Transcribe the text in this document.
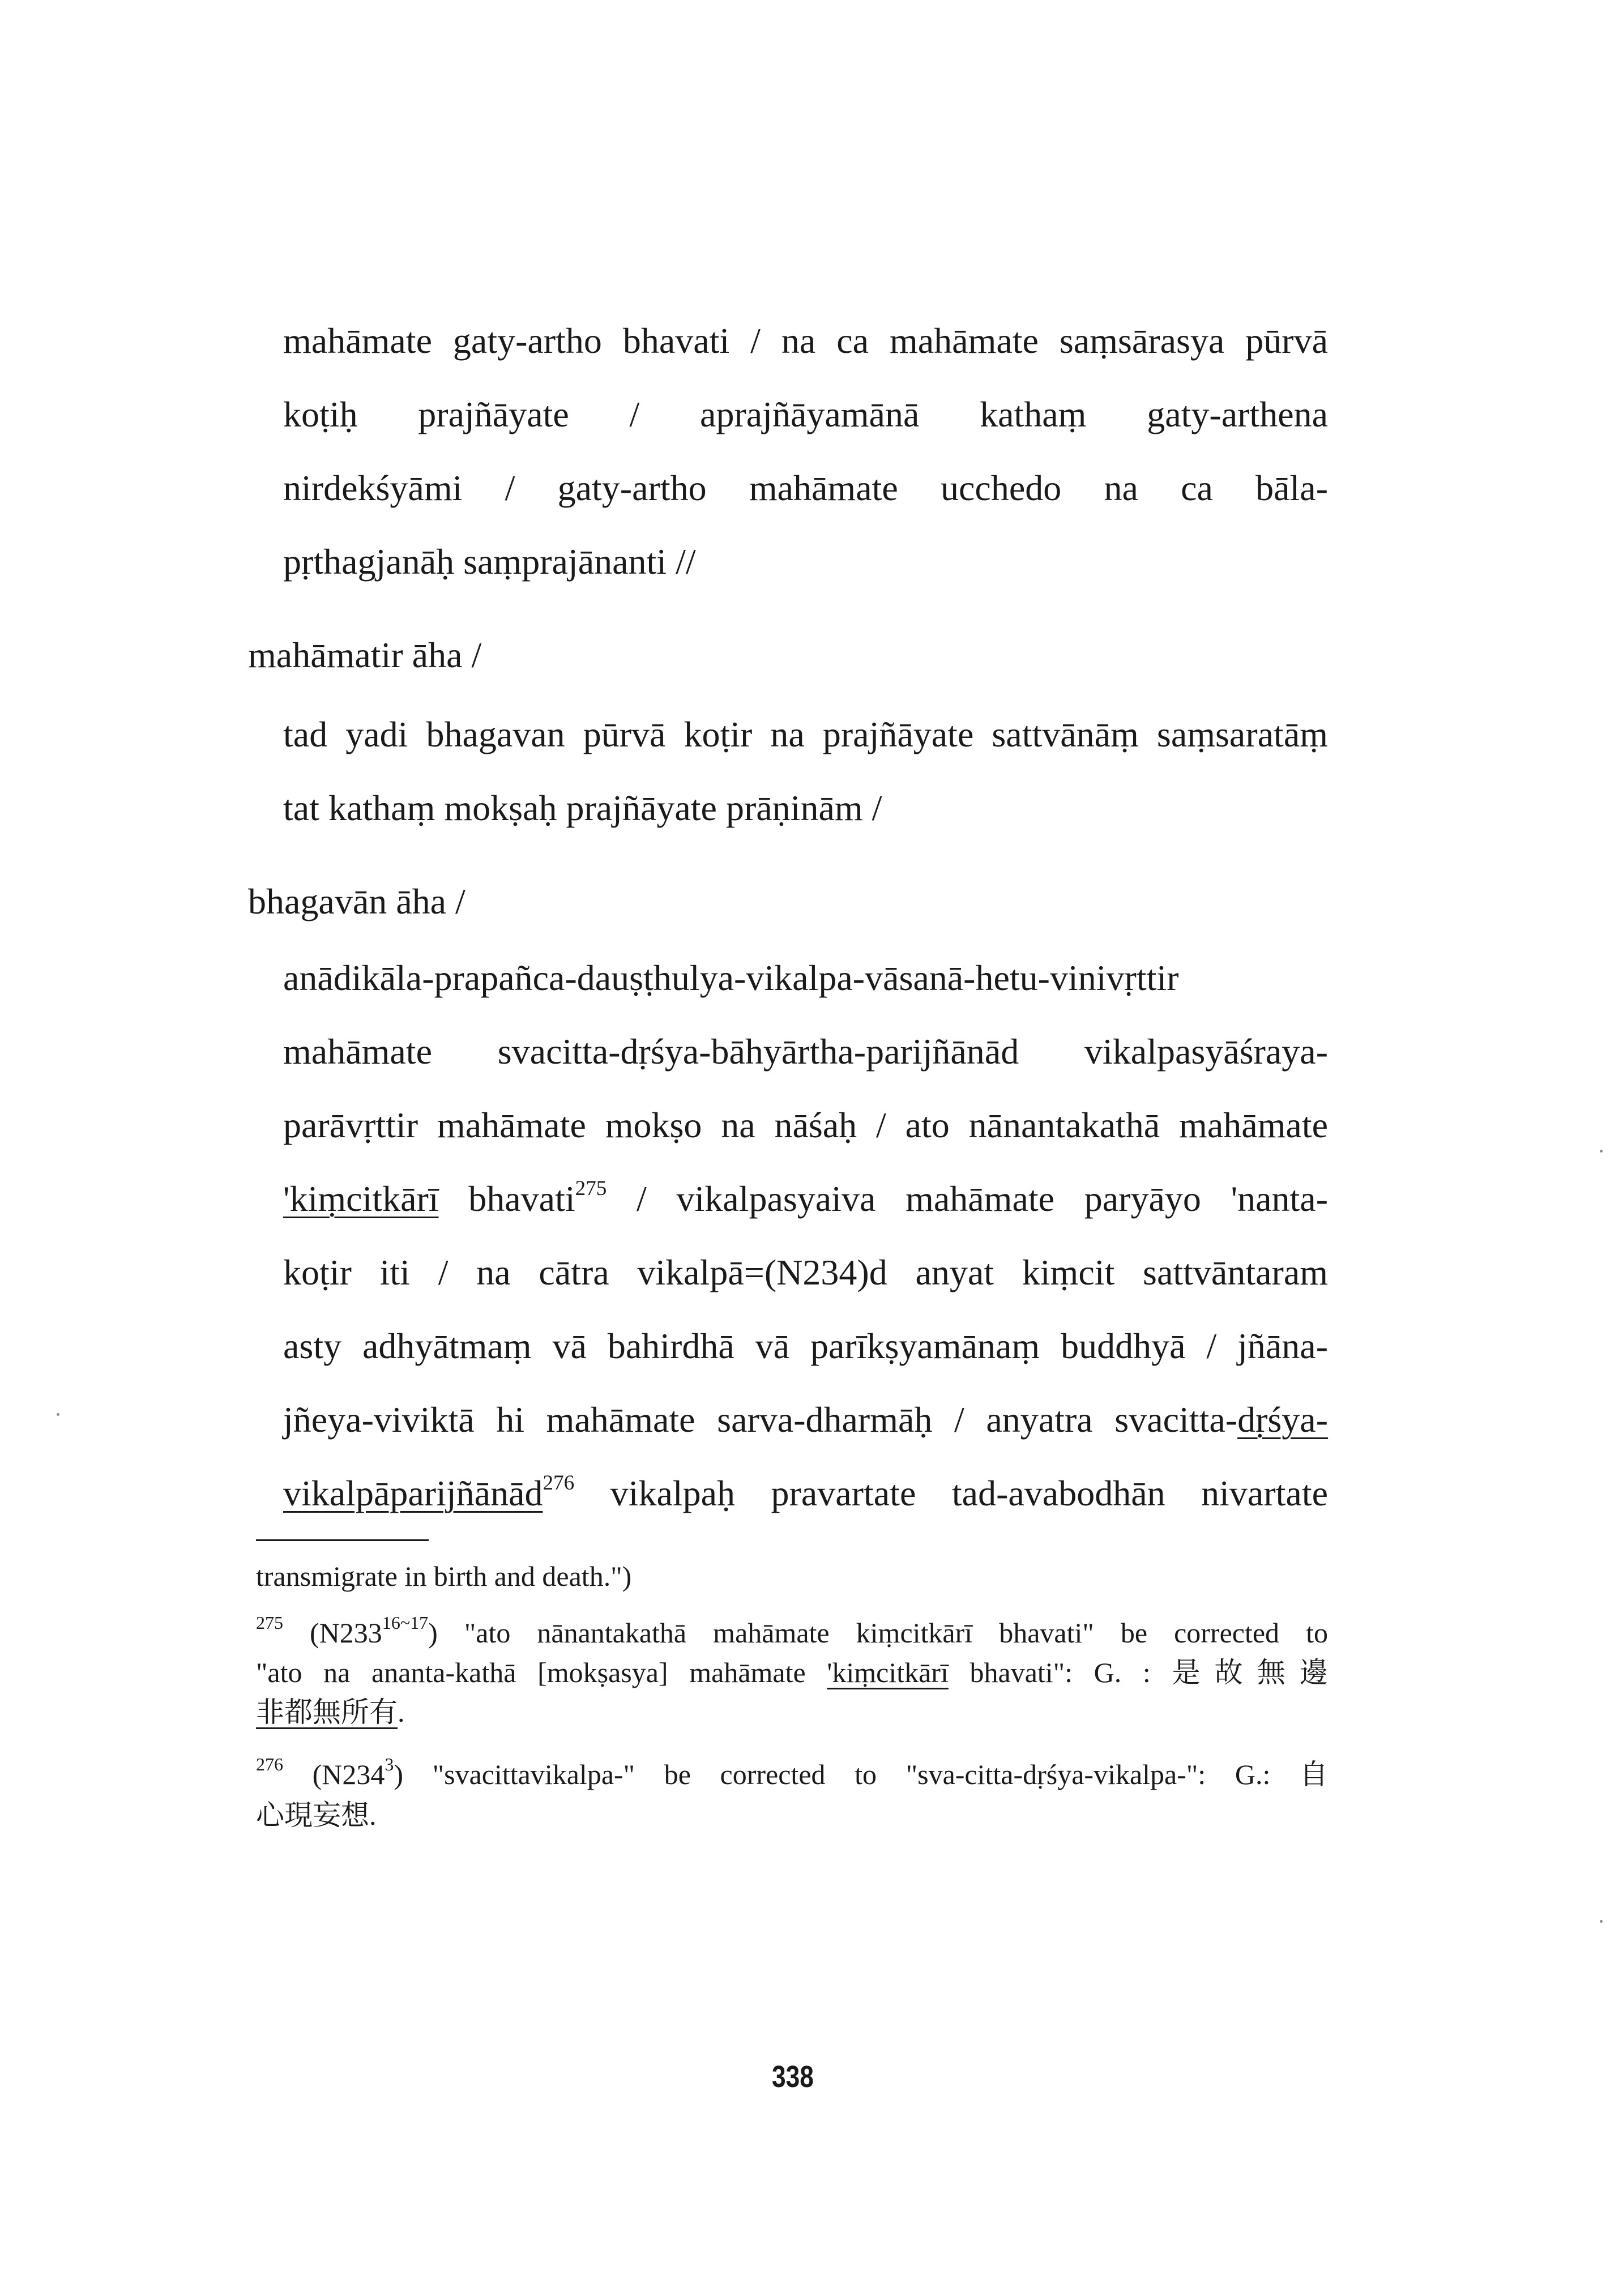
mahāmate gaty-artho bhavati / na ca mahāmate saṃsārasya pūrvā
koṭiḥ prajñāyate / aprajñāyamānā kathaṃ gaty-arthena
nirdekśyāmi / gaty-artho mahāmate ucchedo na ca bāla-
pṛthagjanāḥ saṃprajānanti //
mahāmatir āha /
tad yadi bhagavan pūrvā koṭir na prajñāyate sattvānāṃ saṃsaratāṃ
tat kathaṃ mokṣaḥ prajñāyate prāṇinām /
bhagavān āha /
anādikāla-prapañca-dauṣṭhulya-vikalpa-vāsanā-hetu-vinivṛttir
mahāmate svacitta-dṛśya-bāhyārtha-parijñānād vikalpasyāśraya-
parāvṛttir mahāmate mokṣo na nāśaḥ / ato nānantakathā mahāmate
'kiṃcitkārī bhavati$^{275}$ / vikalpasyaiva mahāmate paryāyo 'nanta-
koṭir iti / na cātra vikalpā=(N234)d anyat kiṃcit sattvāntaram
asty adhyātmaṃ vā bahirdhā vā parīkṣyamānaṃ buddhyā / jñāna-
jñeya-viviktā hi mahāmate sarva-dharmāḥ / anyatra svacitta-dṛśya-
vikalpāparijñānād$^{276}$ vikalpaḥ pravartate tad-avabodhān nivartate
transmigrate in birth and death.")
$^{275}$ $(N233^{16\sim 17})$ "ato nānantakathā mahāmate kiṃcitkārī bhavati" be corrected to
"ato na ananta-kathā [mokṣasya] mahāmate 'kiṃcitkārī bhavati": G. : 是故無邊
非都無所有.
$^{276}$ $(N234^3)$ "svacittavikalpa-" be corrected to "sva-citta-dṛśya-vikalpa-": G.: 自
心現妄想.
338
